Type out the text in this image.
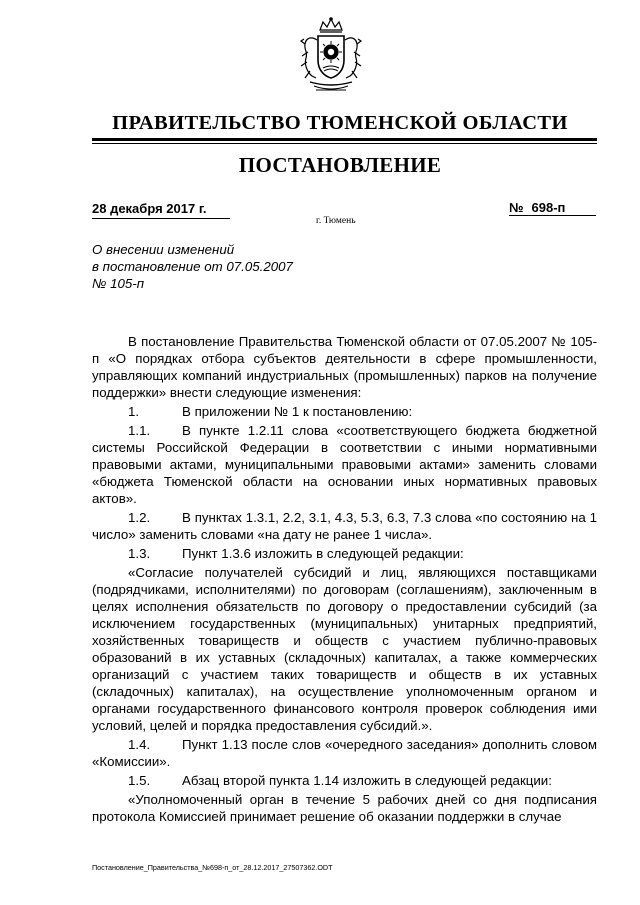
ПРАВИТЕЛЬСТВО ТЮМЕНСКОЙ ОБЛАСТИ
ПОСТАНОВЛЕНИЕ
28 декабря 2017 г.	№ 698-п
г. Тюмень
О внесении изменений
в постановление от 07.05.2007
№ 105-п

В постановление Правительства Тюменской области от 07.05.2007 № 105-п «О порядках отбора субъектов деятельности в сфере промышленности, управляющих компаний индустриальных (промышленных) парков на получение поддержки» внести следующие изменения:

1.	В приложении № 1 к постановлению:

1.1. В пункте 1.2.11 слова «соответствующего бюджета бюджетной системы Российской Федерации в соответствии с иными нормативными правовыми актами, муниципальными правовыми актами» заменить словами «бюджета Тюменской области на основании иных нормативных правовых актов».

1.2. В пунктах 1.3.1, 2.2, 3.1, 4.3, 5.3, 6.3, 7.3 слова «по состоянию на 1 число» заменить словами «на дату не ранее 1 числа».

1.3.	Пункт 1.3.6 изложить в следующей редакции:

«Согласие получателей субсидий и лиц, являющихся поставщиками (подрядчиками, исполнителями) по договорам (соглашениям), заключенным в целях исполнения обязательств по договору о предоставлении субсидий (за исключением государственных (муниципальных) унитарных предприятий, хозяйственных товариществ и обществ с участием публично-правовых образований в их уставных (складочных) капиталах, а также коммерческих организаций с участием таких товариществ и обществ в их уставных (складочных) капиталах), на осуществление уполномоченным органом и органами государственного финансового контроля проверок соблюдения ими условий, целей и порядка предоставления субсидий.».

1.4. Пункт 1.13 после слов «очередного заседания» дополнить словом «Комиссии».

1.5.	Абзац второй пункта 1.14 изложить в следующей редакции:

«Уполномоченный орган в течение 5 рабочих дней со дня подписания протокола Комиссией принимает решение об оказании поддержки в случае

Постановление_Правительства_№698-п_от_28.12.2017_27507362.ODT
